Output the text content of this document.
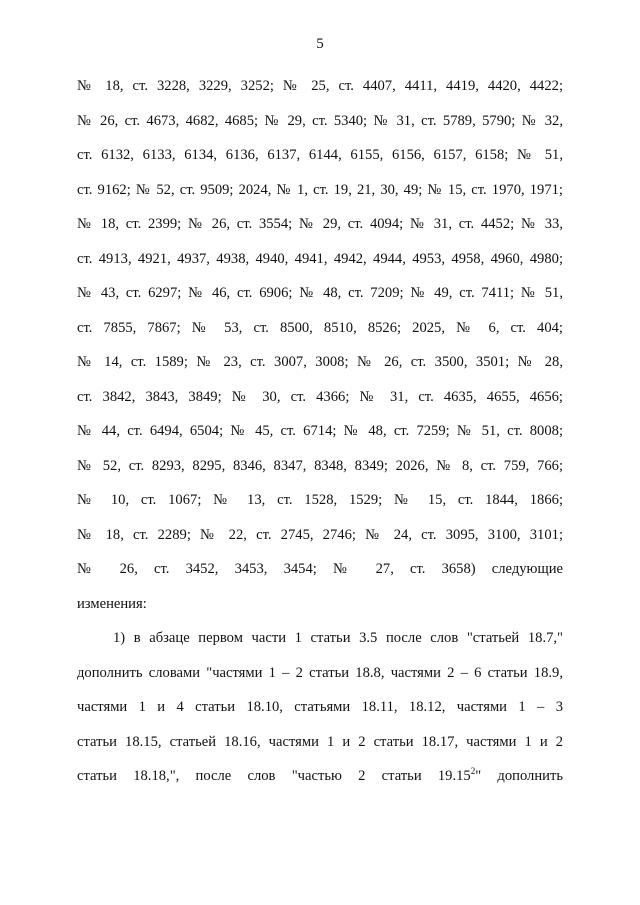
5
№ 18, ст. 3228, 3229, 3252; № 25, ст. 4407, 4411, 4419, 4420, 4422;
№ 26, ст. 4673, 4682, 4685; № 29, ст. 5340; № 31, ст. 5789, 5790; № 32,
ст. 6132, 6133, 6134, 6136, 6137, 6144, 6155, 6156, 6157, 6158; № 51,
ст. 9162; № 52, ст. 9509; 2024, № 1, ст. 19, 21, 30, 49; № 15, ст. 1970, 1971;
№ 18, ст. 2399; № 26, ст. 3554; № 29, ст. 4094; № 31, ст. 4452; № 33,
ст. 4913, 4921, 4937, 4938, 4940, 4941, 4942, 4944, 4953, 4958, 4960, 4980;
№ 43, ст. 6297; № 46, ст. 6906; № 48, ст. 7209; № 49, ст. 7411; № 51,
ст. 7855, 7867; № 53, ст. 8500, 8510, 8526; 2025, № 6, ст. 404;
№ 14, ст. 1589; № 23, ст. 3007, 3008; № 26, ст. 3500, 3501; № 28,
ст. 3842, 3843, 3849; № 30, ст. 4366; № 31, ст. 4635, 4655, 4656;
№ 44, ст. 6494, 6504; № 45, ст. 6714; № 48, ст. 7259; № 51, ст. 8008;
№ 52, ст. 8293, 8295, 8346, 8347, 8348, 8349; 2026, № 8, ст. 759, 766;
№ 10, ст. 1067; № 13, ст. 1528, 1529; № 15, ст. 1844, 1866;
№ 18, ст. 2289; № 22, ст. 2745, 2746; № 24, ст. 3095, 3100, 3101;
№ 26, ст. 3452, 3453, 3454; № 27, ст. 3658) следующие
изменения:
1) в абзаце первом части 1 статьи 3.5 после слов "статьей 18.7,"
дополнить словами "частями 1 – 2 статьи 18.8, частями 2 – 6 статьи 18.9,
частями 1 и 4 статьи 18.10, статьями 18.11, 18.12, частями 1 – 3
статьи 18.15, статьей 18.16, частями 1 и 2 статьи 18.17, частями 1 и 2
статьи 18.18,", после слов "частью 2 статьи 19.15$^2$" дополнить
